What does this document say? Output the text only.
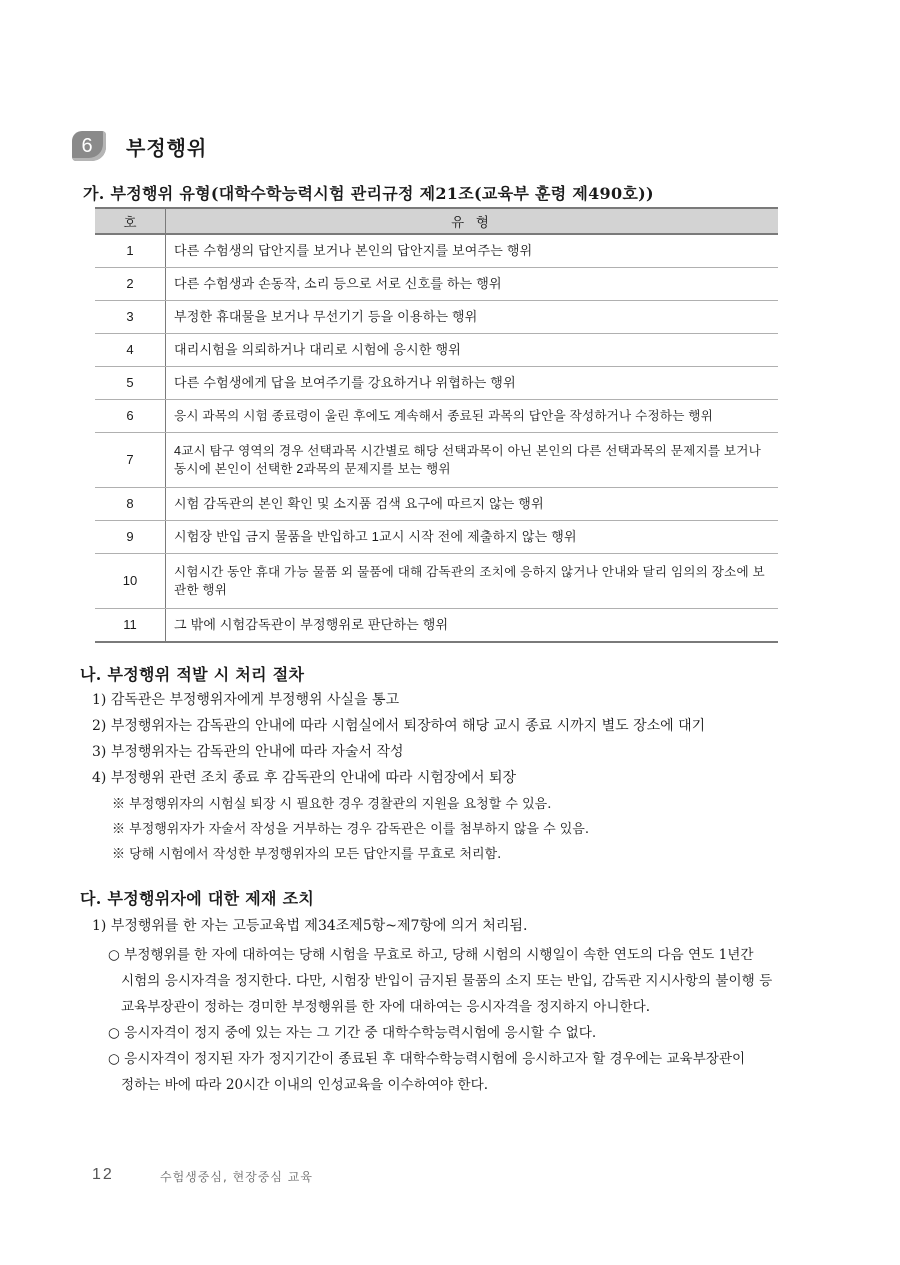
6	부정행위
가. 부정행위 유형(대학수학능력시험 관리규정 제21조(교육부 훈령 제490호))
호	유 형
1	다른 수험생의 답안지를 보거나 본인의 답안지를 보여주는 행위
2	다른 수험생과 손동작, 소리 등으로 서로 신호를 하는 행위
3	부정한 휴대물을 보거나 무선기기 등을 이용하는 행위
4	대리시험을 의뢰하거나 대리로 시험에 응시한 행위
5	다른 수험생에게 답을 보여주기를 강요하거나 위협하는 행위
6	응시 과목의 시험 종료령이 울린 후에도 계속해서 종료된 과목의 답안을 작성하거나 수정하는 행위
7	4교시 탐구 영역의 경우 선택과목 시간별로 해당 선택과목이 아닌 본인의 다른 선택과목의 문제지를 보거나 동시에 본인이 선택한 2과목의 문제지를 보는 행위
8	시험 감독관의 본인 확인 및 소지품 검색 요구에 따르지 않는 행위
9	시험장 반입 금지 물품을 반입하고 1교시 시작 전에 제출하지 않는 행위
10	시험시간 동안 휴대 가능 물품 외 물품에 대해 감독관의 조치에 응하지 않거나 안내와 달리 임의의 장소에 보관한 행위
11	그 밖에 시험감독관이 부정행위로 판단하는 행위
나. 부정행위 적발 시 처리 절차
1) 감독관은 부정행위자에게 부정행위 사실을 통고
2) 부정행위자는 감독관의 안내에 따라 시험실에서 퇴장하여 해당 교시 종료 시까지 별도 장소에 대기
3) 부정행위자는 감독관의 안내에 따라 자술서 작성
4) 부정행위 관련 조치 종료 후 감독관의 안내에 따라 시험장에서 퇴장
※ 부정행위자의 시험실 퇴장 시 필요한 경우 경찰관의 지원을 요청할 수 있음.
※ 부정행위자가 자술서 작성을 거부하는 경우 감독관은 이를 첨부하지 않을 수 있음.
※ 당해 시험에서 작성한 부정행위자의 모든 답안지를 무효로 처리함.
다. 부정행위자에 대한 제재 조치
1) 부정행위를 한 자는 고등교육법 제34조제5항~제7항에 의거 처리됨.
○ 부정행위를 한 자에 대하여는 당해 시험을 무효로 하고, 당해 시험의 시행일이 속한 연도의 다음 연도 1년간
시험의 응시자격을 정지한다. 다만, 시험장 반입이 금지된 물품의 소지 또는 반입, 감독관 지시사항의 불이행 등
교육부장관이 정하는 경미한 부정행위를 한 자에 대하여는 응시자격을 정지하지 아니한다.
○ 응시자격이 정지 중에 있는 자는 그 기간 중 대학수학능력시험에 응시할 수 없다.
○ 응시자격이 정지된 자가 정지기간이 종료된 후 대학수학능력시험에 응시하고자 할 경우에는 교육부장관이
정하는 바에 따라 20시간 이내의 인성교육을 이수하여야 한다.
12	수험생중심, 현장중심 교육
